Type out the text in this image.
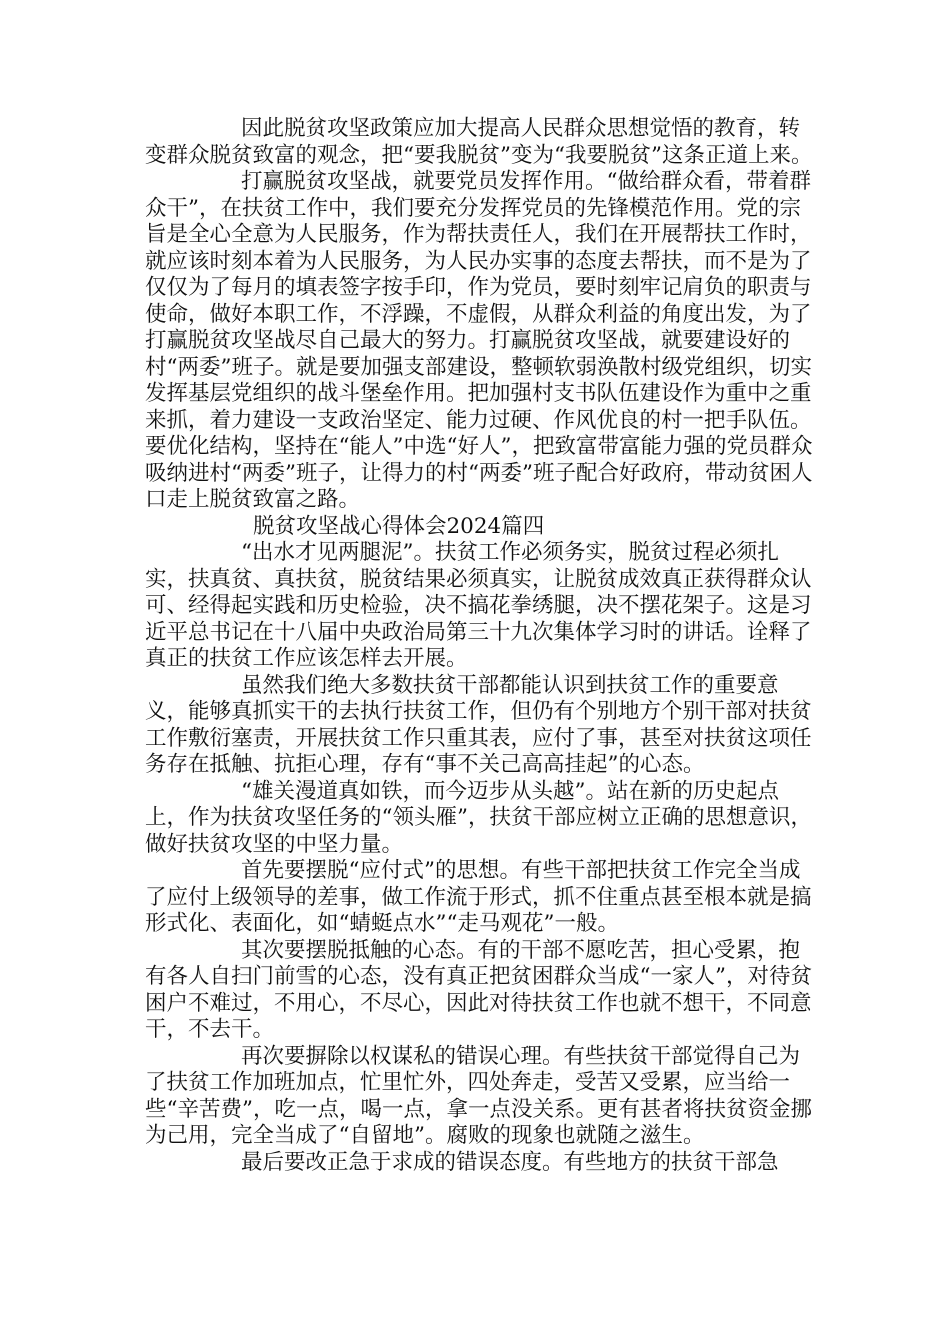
因此脱贫攻坚政策应加大提高人民群众思想觉悟的教育，转变群众脱贫致富的观念，把“要我脱贫”变为“我要脱贫”这条正道上来。

打赢脱贫攻坚战，就要党员发挥作用。“做给群众看，带着群众干”，在扶贫工作中，我们要充分发挥党员的先锋模范作用。党的宗旨是全心全意为人民服务，作为帮扶责任人，我们在开展帮扶工作时，就应该时刻本着为人民服务，为人民办实事的态度去帮扶，而不是为了仅仅为了每月的填表签字按手印，作为党员，要时刻牢记肩负的职责与使命，做好本职工作，不浮躁，不虚假，从群众利益的角度出发，为了打赢脱贫攻坚战尽自己最大的努力。打赢脱贫攻坚战，就要建设好的村“两委”班子。就是要加强支部建设，整顿软弱涣散村级党组织，切实发挥基层党组织的战斗堡垒作用。把加强村支书队伍建设作为重中之重来抓，着力建设一支政治坚定、能力过硬、作风优良的村一把手队伍。要优化结构，坚持在“能人”中选“好人”，把致富带富能力强的党员群众吸纳进村“两委”班子，让得力的村“两委”班子配合好政府，带动贫困人口走上脱贫致富之路。

脱贫攻坚战心得体会2024篇四

“出水才见两腿泥”。扶贫工作必须务实，脱贫过程必须扎实，扶真贫、真扶贫，脱贫结果必须真实，让脱贫成效真正获得群众认可、经得起实践和历史检验，决不搞花拳绣腿，决不摆花架子。这是习近平总书记在十八届中央政治局第三十九次集体学习时的讲话。诠释了真正的扶贫工作应该怎样去开展。

虽然我们绝大多数扶贫干部都能认识到扶贫工作的重要意义，能够真抓实干的去执行扶贫工作，但仍有个别地方个别干部对扶贫工作敷衍塞责，开展扶贫工作只重其表，应付了事，甚至对扶贫这项任务存在抵触、抗拒心理，存有“事不关己高高挂起”的心态。

“雄关漫道真如铁，而今迈步从头越”。站在新的历史起点上，作为扶贫攻坚任务的“领头雁”，扶贫干部应树立正确的思想意识，做好扶贫攻坚的中坚力量。

首先要摆脱“应付式”的思想。有些干部把扶贫工作完全当成了应付上级领导的差事，做工作流于形式，抓不住重点甚至根本就是搞形式化、表面化，如“蜻蜓点水”“走马观花”一般。

其次要摆脱抵触的心态。有的干部不愿吃苦，担心受累，抱有各人自扫门前雪的心态，没有真正把贫困群众当成“一家人”，对待贫困户不难过，不用心，不尽心，因此对待扶贫工作也就不想干，不同意干，不去干。

再次要摒除以权谋私的错误心理。有些扶贫干部觉得自己为了扶贫工作加班加点，忙里忙外，四处奔走，受苦又受累，应当给一些“辛苦费”，吃一点，喝一点，拿一点没关系。更有甚者将扶贫资金挪为己用，完全当成了“自留地”。腐败的现象也就随之滋生。

最后要改正急于求成的错误态度。有些地方的扶贫干部急
